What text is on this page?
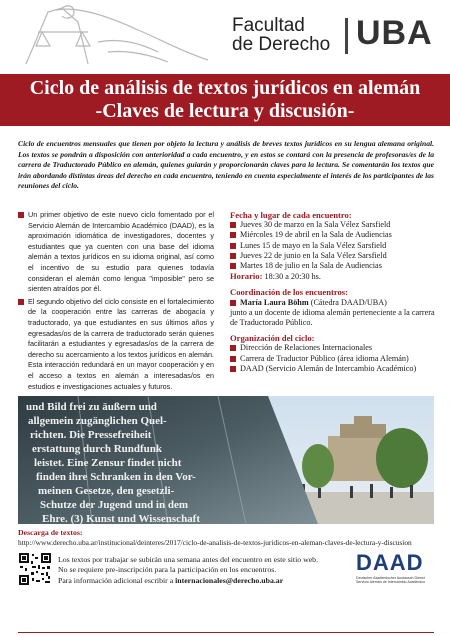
Facultad
de Derecho UBA
Ciclo de análisis de textos jurídicos en alemán
-Claves de lectura y discusión-
Ciclo de encuentros mensuales que tienen por objeto la lectura y análisis de breves textos jurídicos en su lengua alemana original. Los textos se pondrán a disposición con anterioridad a cada encuentro, y en estos se contará con la presencia de profesoras/es de la carrera de Traductorado Público en alemán, quienes guiarán y proporcionarán claves para la lectura. Se comentarán los textos que irán abordando distintas áreas del derecho en cada encuentro, teniendo en cuenta especialmente el interés de los participantes de las reuniones del ciclo.
Un primer objetivo de este nuevo ciclo fomentado por el Servicio Alemán de Intercambio Académico (DAAD), es la aproximación idiomática de investigadores, docentes y estudiantes que ya cuenten con una base del idioma alemán a textos jurídicos en su idioma original, así como el incentivo de su estudio para quienes todavía consideran el alemán como lengua "imposible" pero se sienten atraídos por él.
El segundo objetivo del ciclo consiste en el fortalecimiento de la cooperación entre las carreras de abogacía y traductorado, ya que estudiantes en sus últimos años y egresadas/os de la carrera de traductorado serán quienes facilitarán a estudiantes y egresadas/os de la carrera de derecho su acercamiento a los textos jurídicos en alemán. Esta interacción redundará en un mayor cooperación y en el acceso a textos en alemán a interesadas/os en estudios e investigaciones actuales y futuros.
Fecha y lugar de cada encuentro:
Jueves 30 de marzo en la Sala Vélez Sarsfield
Miércoles 19 de abril en la Sala de Audiencias
Lunes 15 de mayo en la Sala Vélez Sarsfield
Jueves 22 de junio en la Sala Vélez Sarsfield
Martes 18 de julio en la Sala de Audiencias
Horario: 18:30 a 20:30 hs.
Coordinación de los encuentros:
María Laura Böhm (Cátedra DAAD/UBA)
junto a un docente de idioma alemán perteneciente a la carrera de Traductorado Público.
Organización del ciclo:
Dirección de Relaciones Internacionales
Carrera de Traductor Público (área idioma Alemán)
DAAD (Servicio Alemán de Intercambio Académico)
und Bild frei zu äußern und
allgemein zugänglichen Quel-
richten. Die Pressefreiheit
erstattung durch Rundfunk
leistet. Eine Zensur findet nicht
finden ihre Schranken in den Vor-
meinen Gesetze, den gesetzli-
Schutze der Jugend und in dem
Ehre. (3) Kunst und Wissenschaft
Descarga de textos:
http://www.derecho.uba.ar/institucional/deinteres/2017/ciclo-de-analisis-de-textos-juridicos-en-aleman-claves-de-lectura-y-discusion
Los textos por trabajar se subirán una semana antes del encuentro en este sitio web.
No se requiere pre-inscripción para la participación en los encuentros.
Para información adicional escribir a internacionales@derecho.uba.ar
DAAD
Deutscher Akademischer Austausch Dienst
Servicio Alemán de Intercambio Académico
